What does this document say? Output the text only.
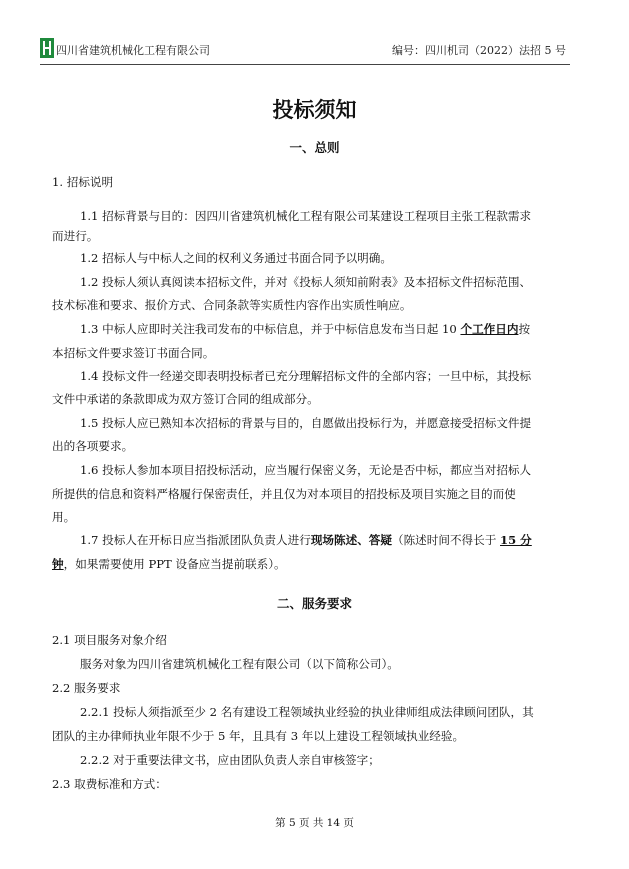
四川省建筑机械化工程有限公司	编号：四川机司（2022）法招 5 号
投标须知
一、总则
1. 招标说明
1.1 招标背景与目的：因四川省建筑机械化工程有限公司某建设工程项目主张工程款需求
而进行。
1.2 招标人与中标人之间的权利义务通过书面合同予以明确。
1.2 投标人须认真阅读本招标文件，并对《投标人须知前附表》及本招标文件招标范围、
技术标准和要求、报价方式、合同条款等实质性内容作出实质性响应。
1.3 中标人应即时关注我司发布的中标信息，并于中标信息发布当日起 10 个工作日内按
本招标文件要求签订书面合同。
1.4 投标文件一经递交即表明投标者已充分理解招标文件的全部内容；一旦中标，其投标
文件中承诺的条款即成为双方签订合同的组成部分。
1.5 投标人应已熟知本次招标的背景与目的，自愿做出投标行为，并愿意接受招标文件提
出的各项要求。
1.6 投标人参加本项目招投标活动，应当履行保密义务，无论是否中标，都应当对招标人
所提供的信息和资料严格履行保密责任，并且仅为对本项目的招投标及项目实施之目的而使
用。
1.7 投标人在开标日应当指派团队负责人进行现场陈述、答疑（陈述时间不得长于 15 分
钟，如果需要使用 PPT 设备应当提前联系）。
二、服务要求
2.1 项目服务对象介绍
服务对象为四川省建筑机械化工程有限公司（以下简称公司）。
2.2 服务要求
2.2.1 投标人须指派至少 2 名有建设工程领域执业经验的执业律师组成法律顾问团队，其
团队的主办律师执业年限不少于 5 年，且具有 3 年以上建设工程领域执业经验。
2.2.2 对于重要法律文书，应由团队负责人亲自审核签字；
2.3 取费标准和方式：
第 5 页 共 14 页
